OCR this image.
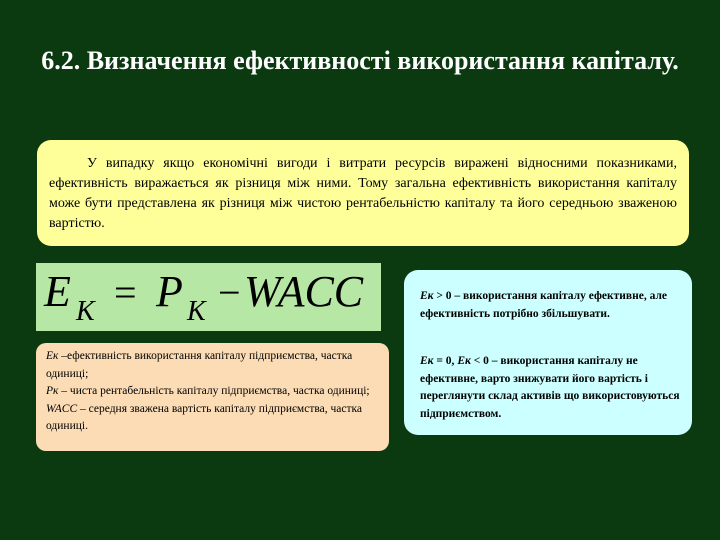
6.2. Визначення ефективності використання капіталу.
У випадку якщо економічні вигоди і витрати ресурсів виражені відносними показниками, ефективність виражається як різниця між ними. Тому загальна ефективність використання капіталу може бути представлена як різниця між чистою рентабельністю капіталу та його середньою зваженою вартістю.
E К = P К − WACC
Ек –ефективність використання капіталу підприємства, частка одиниці;
Рк – чиста рентабельність капіталу підприємства, частка одиниці;
WACC – середня зважена вартість капіталу підприємства, частка одиниці.
Ек > 0 – використання капіталу ефективне, але ефективність потрібно збільшувати.
Ек = 0, Ек < 0 – використання капіталу не ефективне, варто знижувати його вартість і переглянути склад активів що використовуються підприємством.
